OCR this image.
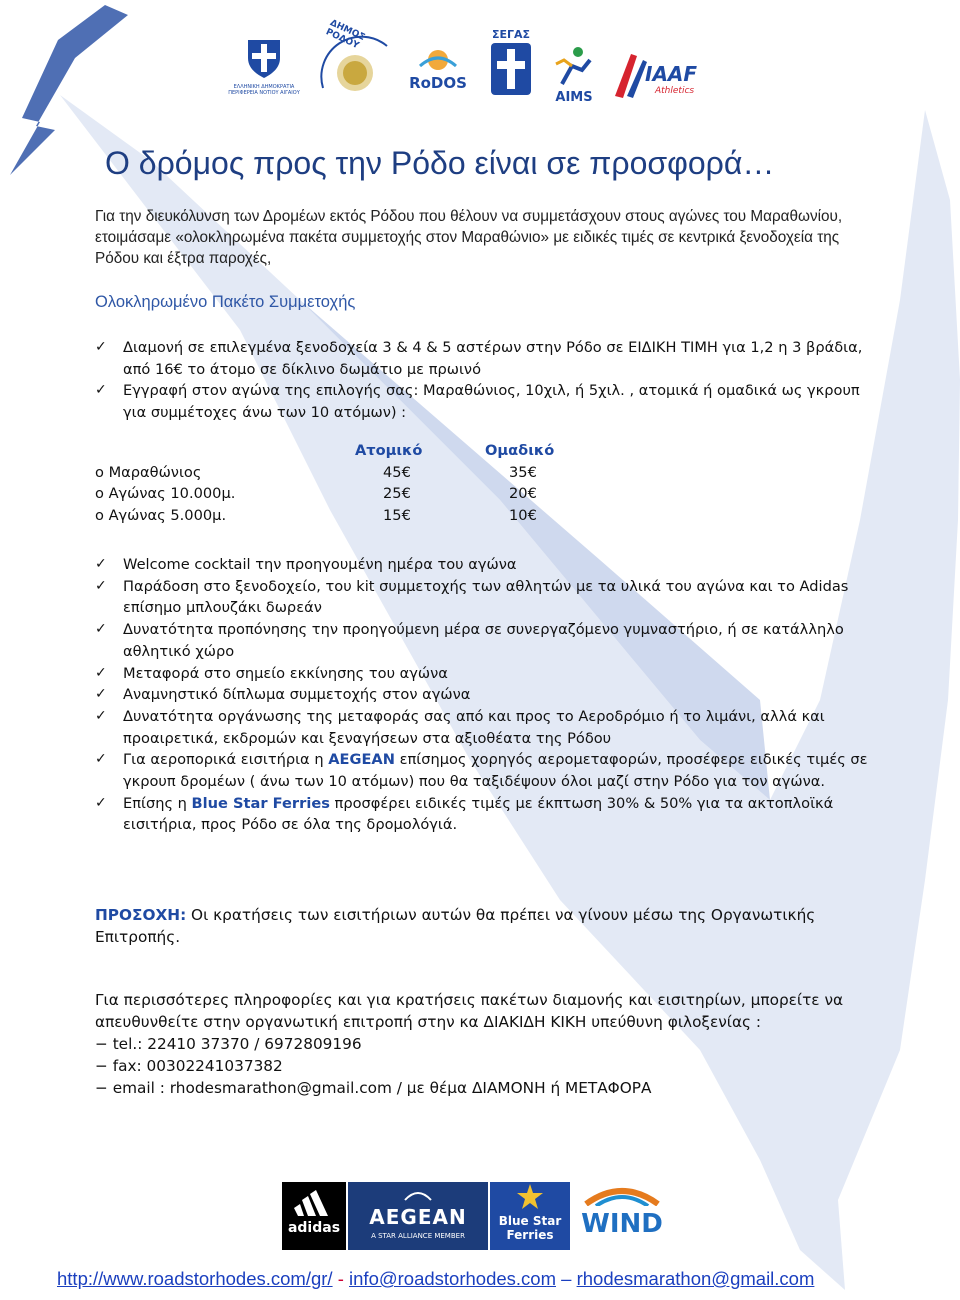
ΕΛΛΗΝΙΚΗ ΔΗΜΟΚΡΑΤΙΑ ΠΕΡΙΦΕΡΕΙΑ ΝΟΤΙΟΥ ΑΙΓΑΙΟΥ
ΔΗΜΟΣ ΡΟΔΟΥ
RoDOS
ΣΕΓΑΣ
AIMS
IAAF
Athletics
Ο δρόμος προς την Ρόδο είναι σε προσφορά…
Για την διευκόλυνση των Δρομέων εκτός Ρόδου που θέλουν να συμμετάσχουν στους αγώνες του Μαραθωνίου, ετοιμάσαμε «ολοκληρωμένα πακέτα συμμετοχής στον Μαραθώνιο» με ειδικές τιμές σε κεντρικά ξενοδοχεία της Ρόδου και έξτρα παροχές,
Ολοκληρωμένο Πακέτο Συμμετοχής
✓ Διαμονή σε επιλεγμένα ξενοδοχεία 3 & 4 & 5 αστέρων στην Ρόδο σε ΕΙΔΙΚΗ ΤΙΜΗ για 1,2 η 3 βράδια, από 16€ το άτομο σε δίκλινο δωμάτιο με πρωινό
✓ Εγγραφή στον αγώνα της επιλογής σας: Μαραθώνιος, 10χιλ, ή 5χιλ. , ατομικά ή ομαδικά ως γκρουπ για συμμέτοχες άνω των 10 ατόμων) :
	Ατομικό	Ομαδικό
ο Μαραθώνιος	45€	35€
ο Αγώνας 10.000μ.	25€	20€
ο Αγώνας 5.000μ.	15€	10€
✓ Welcome cocktail την προηγουμένη ημέρα του αγώνα
✓ Παράδοση στο ξενοδοχείο, του kit συμμετοχής των αθλητών με τα υλικά του αγώνα και το Adidas επίσημο μπλουζάκι δωρεάν
✓ Δυνατότητα προπόνησης την προηγούμενη μέρα σε συνεργαζόμενο γυμναστήριο, ή σε κατάλληλο αθλητικό χώρο
✓ Μεταφορά στο σημείο εκκίνησης του αγώνα
✓ Αναμνηστικό δίπλωμα συμμετοχής στον αγώνα
✓ Δυνατότητα οργάνωσης της μεταφοράς σας από και προς το Αεροδρόμιο ή το λιμάνι, αλλά και προαιρετικά, εκδρομών και ξεναγήσεων στα αξιοθέατα της Ρόδου
✓ Για αεροπορικά εισιτήρια η AEGEAN επίσημος χορηγός αερομεταφορών, προσέφερε ειδικές τιμές σε γκρουπ δρομέων ( άνω των 10 ατόμων) που θα ταξιδέψουν όλοι μαζί στην Ρόδο για τον αγώνα.
✓ Επίσης η Blue Star Ferries προσφέρει ειδικές τιμές με έκπτωση 30% & 50% για τα ακτοπλοϊκά εισιτήρια, προς Ρόδο σε όλα της δρομολόγιά.
ΠΡΟΣΟΧΗ: Οι κρατήσεις των εισιτήριων αυτών θα πρέπει να γίνουν μέσω της Οργανωτικής Επιτροπής.
Για περισσότερες πληροφορίες και για κρατήσεις πακέτων διαμονής και εισιτηρίων, μπορείτε να απευθυνθείτε στην οργανωτική επιτροπή στην κα ΔΙΑΚΙΔΗ ΚΙΚΗ υπεύθυνη φιλοξενίας :
− tel.: 22410 37370 / 6972809196
− fax: 00302241037382
− email : rhodesmarathon@gmail.com / με θέμα ΔΙΑΜΟΝΗ ή ΜΕΤΑΦΟΡΑ
adidas	AEGEAN
A STAR ALLIANCE MEMBER
Blue Star
Ferries	WIND
http://www.roadstorhodes.com/gr/ - info@roadstorhodes.com – rhodesmarathon@gmail.com
